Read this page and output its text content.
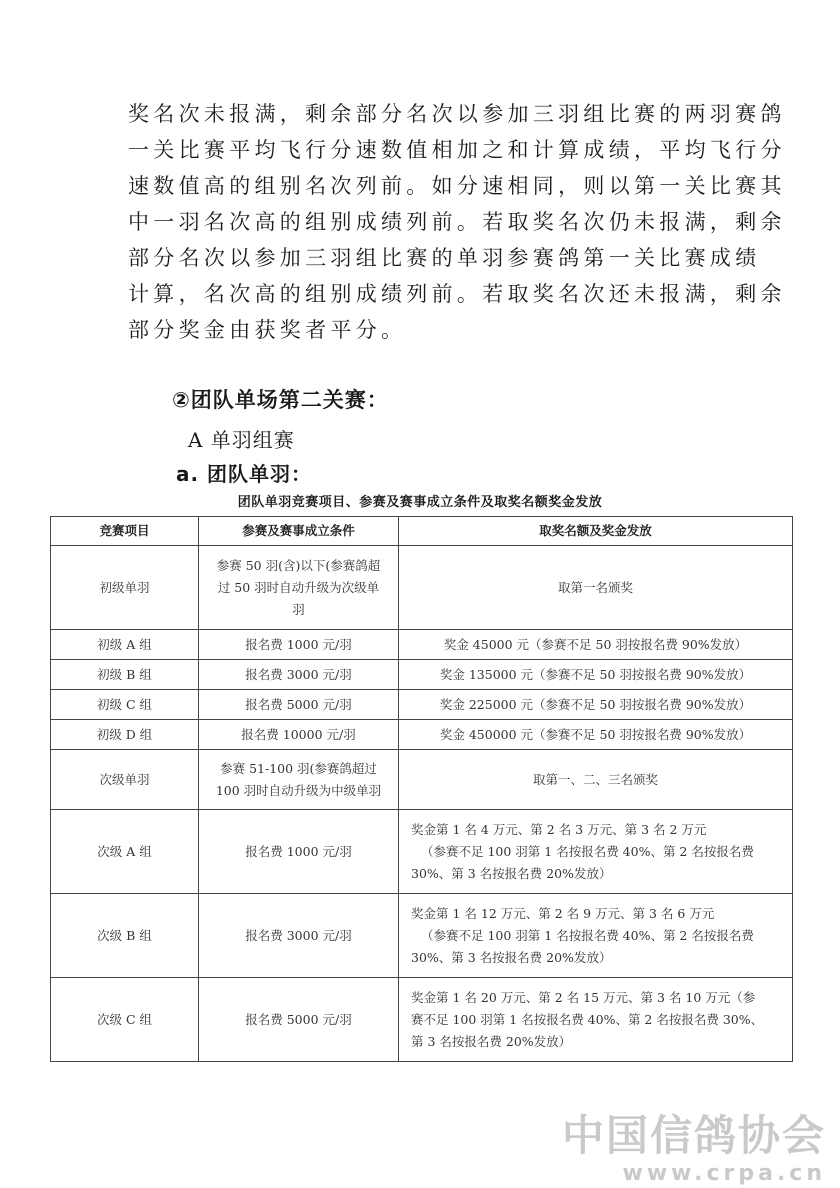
奖名次未报满，剩余部分名次以参加三羽组比赛的两羽赛鸽
一关比赛平均飞行分速数值相加之和计算成绩，平均飞行分
速数值高的组别名次列前。如分速相同，则以第一关比赛其
中一羽名次高的组别成绩列前。若取奖名次仍未报满，剩余
部分名次以参加三羽组比赛的单羽参赛鸽第一关比赛成绩
计算，名次高的组别成绩列前。若取奖名次还未报满，剩余
部分奖金由获奖者平分。
②团队单场第二关赛：
A 单羽组赛
a. 团队单羽：
团队单羽竞赛项目、参赛及赛事成立条件及取奖名额奖金发放
竞赛项目	参赛及赛事成立条件	取奖名额及奖金发放
初级单羽	参赛 50 羽(含)以下(参赛鸽超
过 50 羽时自动升级为次级单
羽	取第一名颁奖

初级 A 组	报名费 1000 元/羽	奖金 45000 元（参赛不足 50 羽按报名费 90%发放）

初级 B 组	报名费 3000 元/羽	奖金 135000 元（参赛不足 50 羽按报名费 90%发放）

初级 C 组	报名费 5000 元/羽	奖金 225000 元（参赛不足 50 羽按报名费 90%发放）

初级 D 组	报名费 10000 元/羽	奖金 450000 元（参赛不足 50 羽按报名费 90%发放）

次级单羽	参赛 51-100 羽(参赛鸽超过
100 羽时自动升级为中级单羽	取第一、二、三名颁奖

次级 A 组	报名费 1000 元/羽	奖金第 1 名 4 万元、第 2 名 3 万元、第 3 名 2 万元
（参赛不足 100 羽第 1 名按报名费 40%、第 2 名按报名费
30%、第 3 名按报名费 20%发放）

次级 B 组	报名费 3000 元/羽	奖金第 1 名 12 万元、第 2 名 9 万元、第 3 名 6 万元
（参赛不足 100 羽第 1 名按报名费 40%、第 2 名按报名费
30%、第 3 名按报名费 20%发放）

次级 C 组	报名费 5000 元/羽	奖金第 1 名 20 万元、第 2 名 15 万元、第 3 名 10 万元（参
赛不足 100 羽第 1 名按报名费 40%、第 2 名按报名费 30%、
第 3 名按报名费 20%发放）
中国信鸽协会
www.crpa.cn
